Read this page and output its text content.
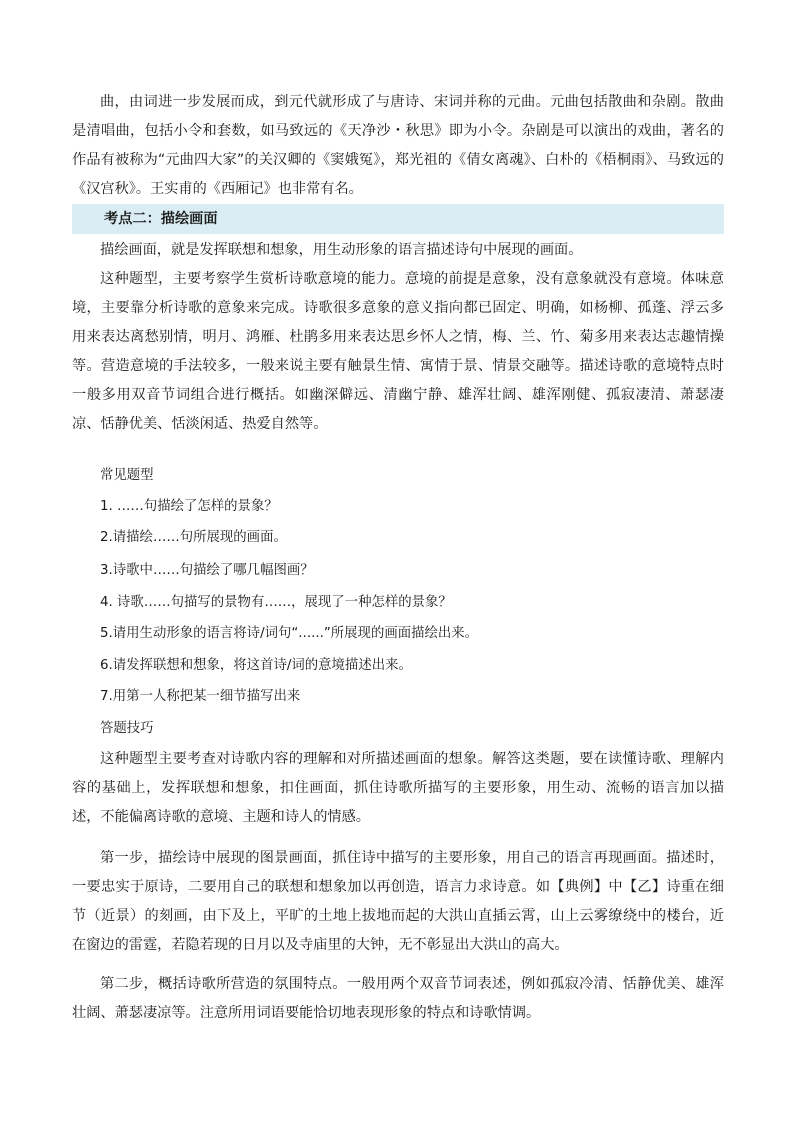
曲，由词进一步发展而成，到元代就形成了与唐诗、宋词并称的元曲。元曲包括散曲和杂剧。散曲是清唱曲，包括小令和套数，如马致远的《天净沙・秋思》即为小令。杂剧是可以演出的戏曲，著名的作品有被称为“元曲四大家”的关汉卿的《窦娥冤》，郑光祖的《倩女离魂》、白朴的《梧桐雨》、马致远的《汉宫秋》。王实甫的《西厢记》也非常有名。

考点二：描绘画面

描绘画面，就是发挥联想和想象，用生动形象的语言描述诗句中展现的画面。

这种题型，主要考察学生赏析诗歌意境的能力。意境的前提是意象，没有意象就没有意境。体味意境，主要靠分析诗歌的意象来完成。诗歌很多意象的意义指向都已固定、明确，如杨柳、孤蓬、浮云多用来表达离愁别情，明月、鸿雁、杜鹃多用来表达思乡怀人之情，梅、兰、竹、菊多用来表达志趣情操等。营造意境的手法较多，一般来说主要有触景生情、寓情于景、情景交融等。描述诗歌的意境特点时一般多用双音节词组合进行概括。如幽深僻远、清幽宁静、雄浑壮阔、雄浑刚健、孤寂凄清、萧瑟凄凉、恬静优美、恬淡闲适、热爱自然等。

常见题型

1. ……句描绘了怎样的景象？

2.请描绘……句所展现的画面。

3.诗歌中……句描绘了哪几幅图画？

4. 诗歌……句描写的景物有……，展现了一种怎样的景象？

5.请用生动形象的语言将诗/词句“......”所展现的画面描绘出来。

6.请发挥联想和想象，将这首诗/词的意境描述出来。

7.用第一人称把某一细节描写出来

答题技巧

这种题型主要考查对诗歌内容的理解和对所描述画面的想象。解答这类题，要在读懂诗歌、理解内容的基础上，发挥联想和想象，扣住画面，抓住诗歌所描写的主要形象，用生动、流畅的语言加以描述，不能偏离诗歌的意境、主题和诗人的情感。

第一步，描绘诗中展现的图景画面，抓住诗中描写的主要形象，用自己的语言再现画面。描述时，一要忠实于原诗，二要用自己的联想和想象加以再创造，语言力求诗意。如【典例】中【乙】诗重在细节（近景）的刻画，由下及上，平旷的土地上拔地而起的大洪山直插云霄，山上云雾缭绕中的楼台，近在窗边的雷霆，若隐若现的日月以及寺庙里的大钟，无不彰显出大洪山的高大。

第二步，概括诗歌所营造的氛围特点。一般用两个双音节词表述，例如孤寂冷清、恬静优美、雄浑壮阔、萧瑟凄凉等。注意所用词语要能恰切地表现形象的特点和诗歌情调。
